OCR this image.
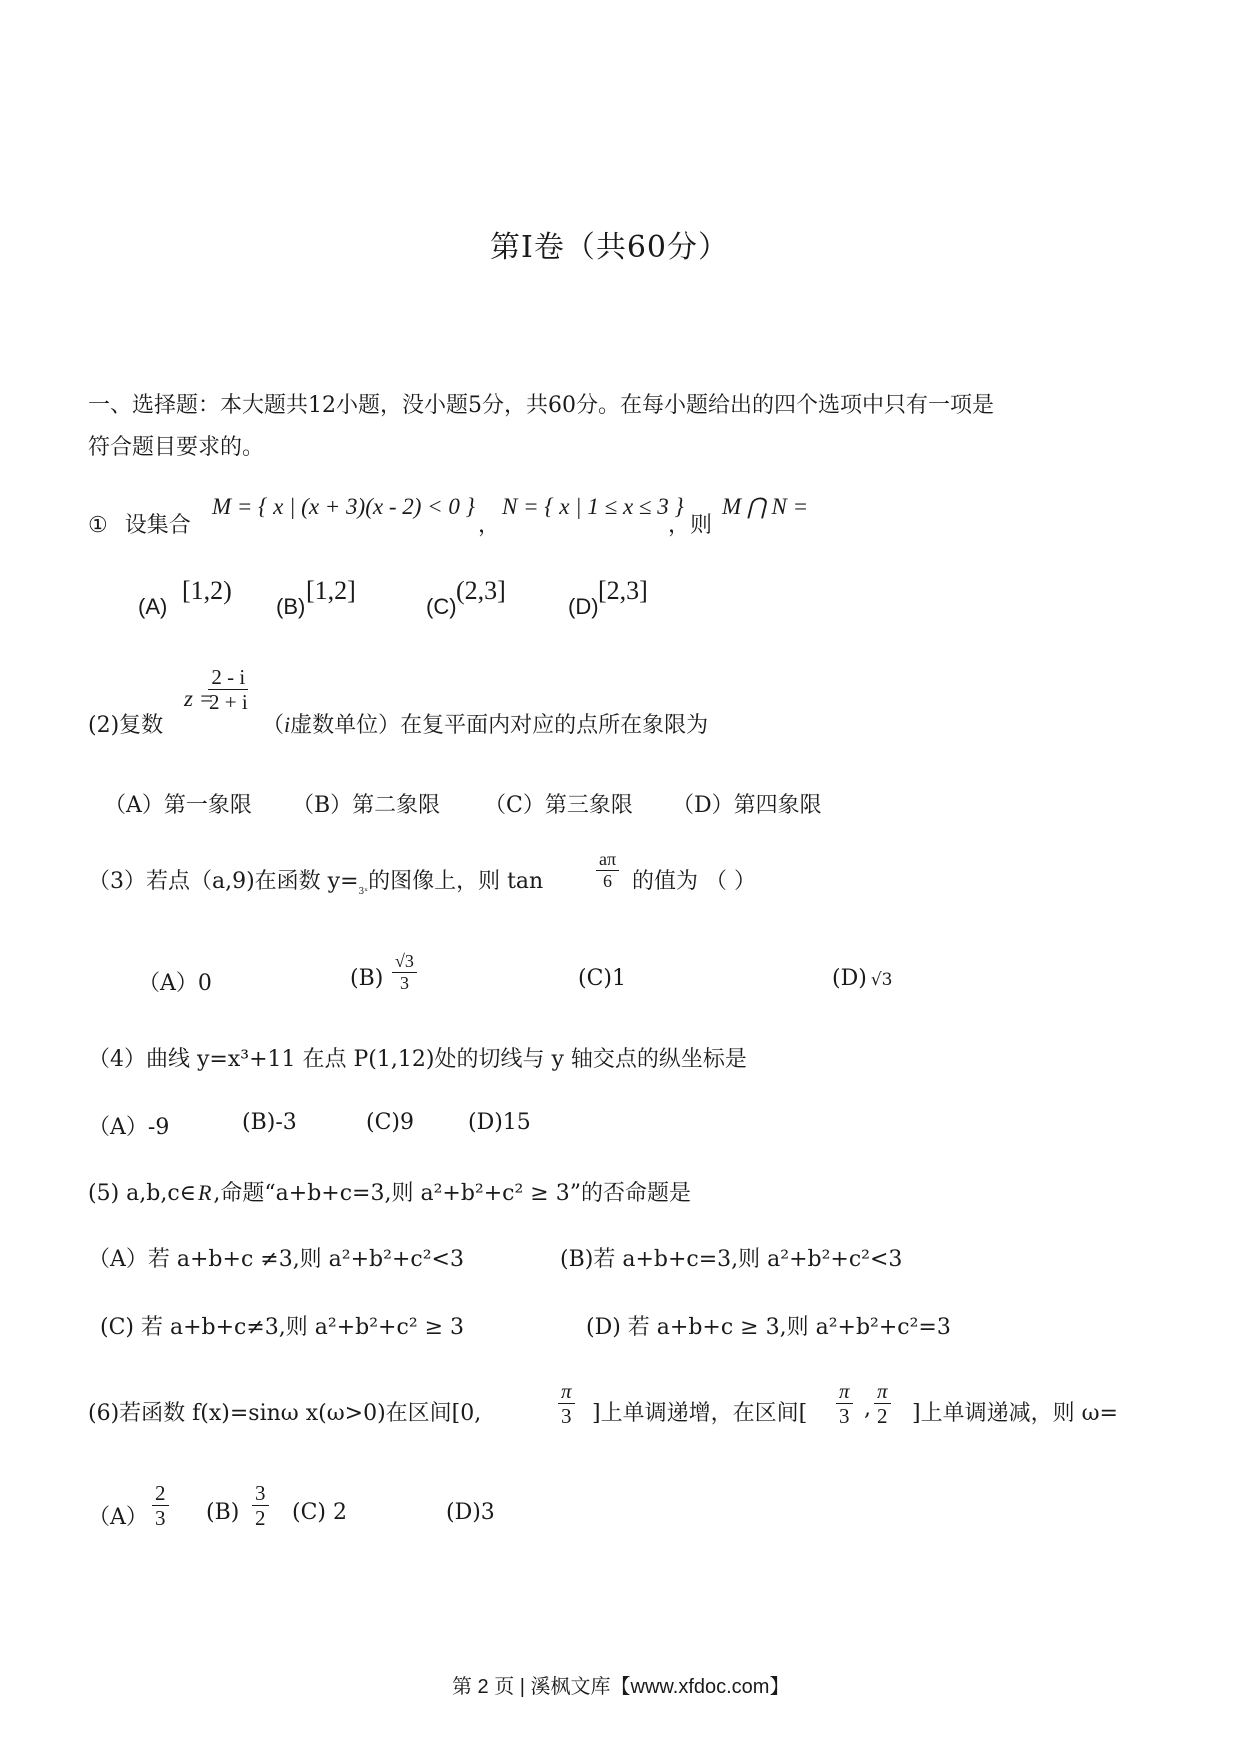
第I卷（共60分）
一、选择题：本大题共12小题，没小题5分，共60分。在每小题给出的四个选项中只有一项是
符合题目要求的。
① 设集合
M = { x | (x + 3)(x - 2) < 0 }
，
N = { x | 1 ≤ x ≤ 3 }
，则
M ⋂ N =
(A)
[1,2)
(B)
[1,2]
(C)
(2,3]
(D)
[2,3]
(2)复数
z =
$\frac{2 - i}{2 + i}$
（i虚数单位）在复平面内对应的点所在象限为
（A）第一象限 （B）第二象限 （C）第三象限 （D）第四象限
（3）若点（a,9)在函数 $y=_{3ˣ}$的图像上，则 tan	$\frac{a\pi}{6}$ 的值为 （ ）
（A）0	$(B) \frac{√3}{3}$	(C)1	(D) √3
（4）曲线 y=x³+11 在点 P(1,12)处的切线与 y 轴交点的纵坐标是
（A）-9	(B)-3	(C)9 (D)15
(5) a,b,c∈R,命题“a+b+c=3,则 a²+b²+c² ≥ 3”的否命题是
（A）若 a+b+c ≠3,则 a²+b²+c²<3	(B)若 a+b+c=3,则 a²+b²+c²<3
(C) 若 a+b+c≠3,则 a²+b²+c² ≥ 3	(D) 若 a+b+c ≥ 3,则 a²+b²+c²=3
(6)若函数 f(x)=sinω x(ω>0)在区间[0,	$\frac{\pi}{3}$ ]上单调递增，在区间[ $\frac{\pi}{3}$ , $\frac{\pi}{2}$ ]上单调递减，则 ω=
$(A) \frac{2}{3} (B) \frac{3}{2} (C)$ 2	(D)3
第 2 页 | 溪枫文库【www.xfdoc.com】
